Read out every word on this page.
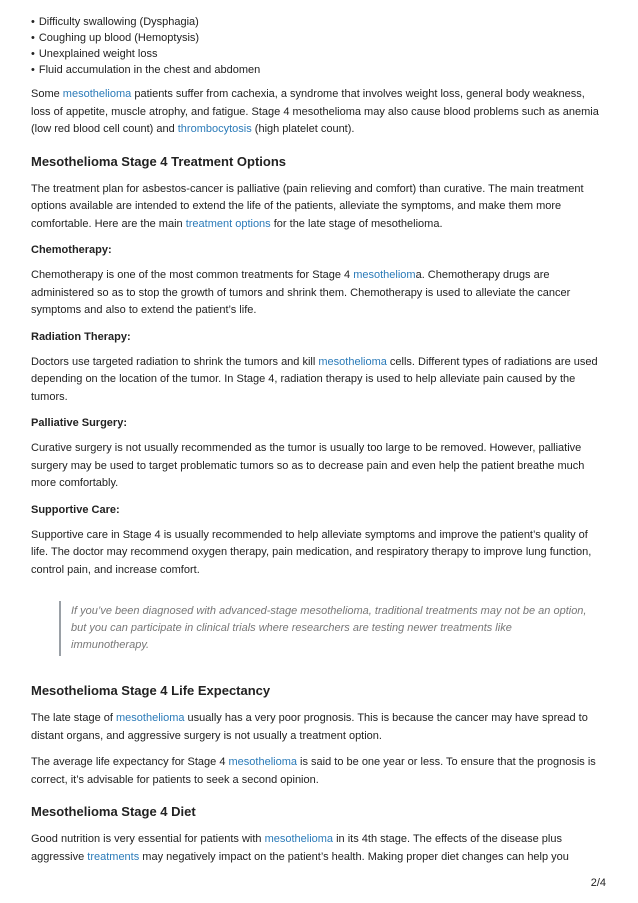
• Difficulty swallowing (Dysphagia)
• Coughing up blood (Hemoptysis)
• Unexplained weight loss
• Fluid accumulation in the chest and abdomen

Some mesothelioma patients suffer from cachexia, a syndrome that involves weight loss, general body weakness, loss of appetite, muscle atrophy, and fatigue. Stage 4 mesothelioma may also cause blood problems such as anemia (low red blood cell count) and thrombocytosis (high platelet count).

Mesothelioma Stage 4 Treatment Options

The treatment plan for asbestos-cancer is palliative (pain relieving and comfort) than curative. The main treatment options available are intended to extend the life of the patients, alleviate the symptoms, and make them more comfortable. Here are the main treatment options for the late stage of mesothelioma.

Chemotherapy:

Chemotherapy is one of the most common treatments for Stage 4 mesothelioma. Chemotherapy drugs are administered so as to stop the growth of tumors and shrink them. Chemotherapy is used to alleviate the cancer symptoms and also to extend the patient’s life.

Radiation Therapy:

Doctors use targeted radiation to shrink the tumors and kill mesothelioma cells. Different types of radiations are used depending on the location of the tumor. In Stage 4, radiation therapy is used to help alleviate pain caused by the tumors.

Palliative Surgery:

Curative surgery is not usually recommended as the tumor is usually too large to be removed. However, palliative surgery may be used to target problematic tumors so as to decrease pain and even help the patient breathe much more comfortably.

Supportive Care:

Supportive care in Stage 4 is usually recommended to help alleviate symptoms and improve the patient’s quality of life. The doctor may recommend oxygen therapy, pain medication, and respiratory therapy to improve lung function, control pain, and increase comfort.

If you’ve been diagnosed with advanced-stage mesothelioma, traditional treatments may not be an option, but you can participate in clinical trials where researchers are testing newer treatments like immunotherapy.

Mesothelioma Stage 4 Life Expectancy

The late stage of mesothelioma usually has a very poor prognosis. This is because the cancer may have spread to distant organs, and aggressive surgery is not usually a treatment option.

The average life expectancy for Stage 4 mesothelioma is said to be one year or less. To ensure that the prognosis is correct, it’s advisable for patients to seek a second opinion.

Mesothelioma Stage 4 Diet

Good nutrition is very essential for patients with mesothelioma in its 4th stage. The effects of the disease plus aggressive treatments may negatively impact on the patient’s health. Making proper diet changes can help you

2/4
